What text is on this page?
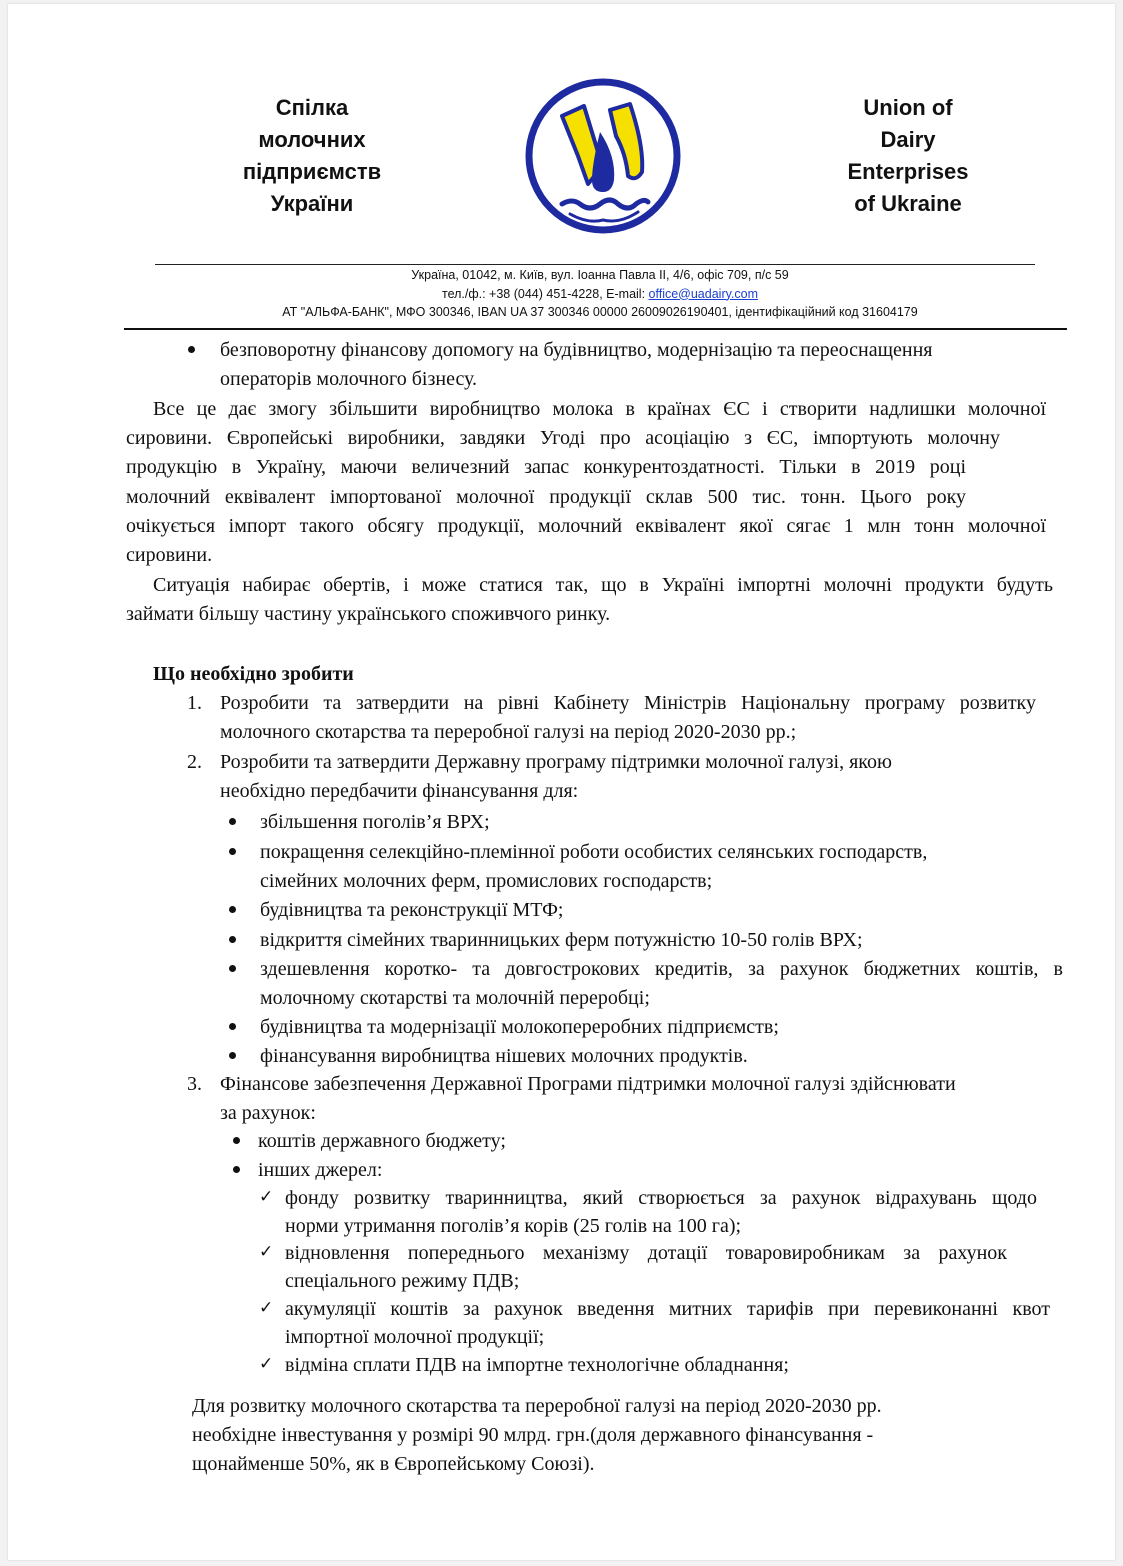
Спілка
молочних
підприємств
України
Union of
Dairy
Enterprises
of Ukraine
Україна, 01042, м. Київ, вул. Іоанна Павла ІІ, 4/6, офіс 709, п/с 59
тел./ф.: +38 (044) 451-4228, E-mail: office@uadairy.com
АТ "АЛЬФА-БАНК", МФО 300346, IBAN UA 37 300346 00000 26009026190401, ідентифікаційний код 31604179
безповоротну фінансову допомогу на будівництво, модернізацію та переоснащення
операторів молочного бізнесу.
Все це дає змогу збільшити виробництво молока в країнах ЄС і створити надлишки молочної
сировини. Європейські виробники, завдяки Угоді про асоціацію з ЄС, імпортують молочну
продукцію в Україну, маючи величезний запас конкурентоздатності. Тільки в 2019 році
молочний еквівалент імпортованої молочної продукції склав 500 тис. тонн. Цього року
очікується імпорт такого обсягу продукції, молочний еквівалент якої сягає 1 млн тонн молочної
сировини.
Ситуація набирає обертів, і може статися так, що в Україні імпортні молочні продукти будуть
займати більшу частину українського споживчого ринку.
Що необхідно зробити
1. Розробити та затвердити на рівні Кабінету Міністрів Національну програму розвитку
молочного скотарства та переробної галузі на період 2020-2030 рр.;
2. Розробити та затвердити Державну програму підтримки молочної галузі, якою
необхідно передбачити фінансування для:
збільшення поголів’я ВРХ;
покращення селекційно-племінної роботи особистих селянських господарств,
сімейних молочних ферм, промислових господарств;
будівництва та реконструкції МТФ;
відкриття сімейних тваринницьких ферм потужністю 10-50 голів ВРХ;
здешевлення коротко- та довгострокових кредитів, за рахунок бюджетних коштів, в
молочному скотарстві та молочній переробці;
будівництва та модернізації молокопереробних підприємств;
фінансування виробництва нішевих молочних продуктів.
3. Фінансове забезпечення Державної Програми підтримки молочної галузі здійснювати
за рахунок:
коштів державного бюджету;
інших джерел:
✓ фонду розвитку тваринництва, який створюється за рахунок відрахувань щодо
норми утримання поголів’я корів (25 голів на 100 га);
✓ відновлення попереднього механізму дотації товаровиробникам за рахунок
спеціального режиму ПДВ;
✓ акумуляції коштів за рахунок введення митних тарифів при перевиконанні квот
імпортної молочної продукції;
✓ відміна сплати ПДВ на імпортне технологічне обладнання;
Для розвитку молочного скотарства та переробної галузі на період 2020-2030 рр.
необхідне інвестування у розмірі 90 млрд. грн.(доля державного фінансування -
щонайменше 50%, як в Європейському Союзі).
